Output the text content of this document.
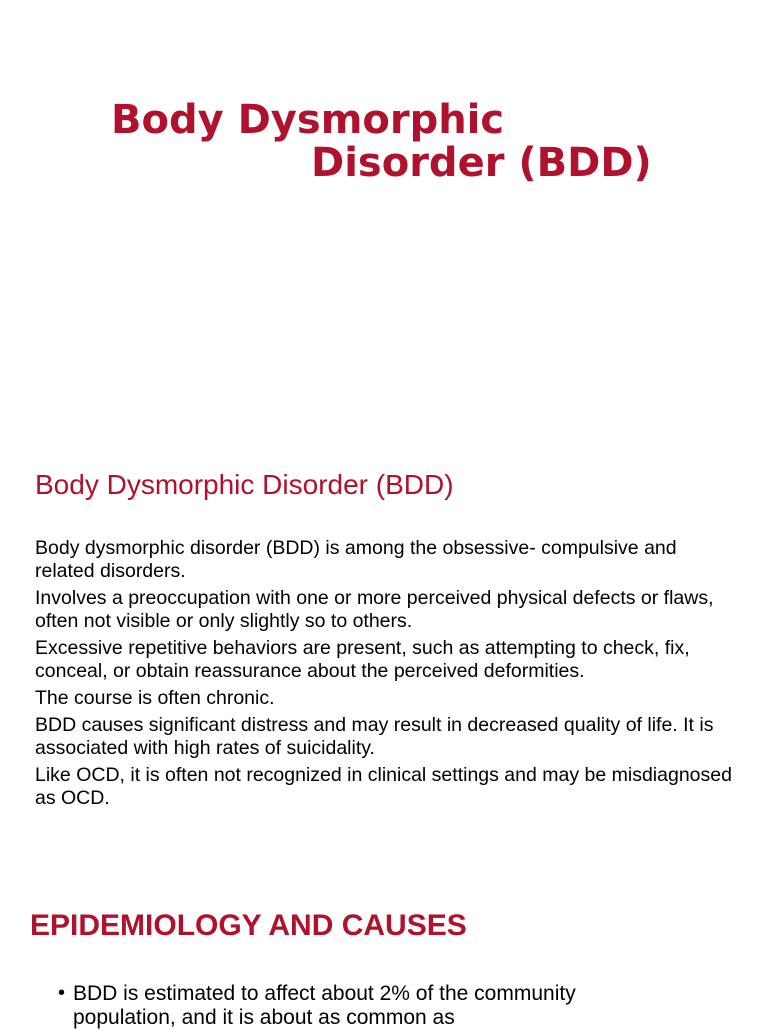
Body Dysmorphic
Disorder (BDD)
Body Dysmorphic Disorder (BDD)

Body dysmorphic disorder (BDD) is among the obsessive- compulsive and related disorders.

Involves a preoccupation with one or more perceived physical defects or flaws, often not visible or only slightly so to others.

Excessive repetitive behaviors are present, such as attempting to check, fix, conceal, or obtain reassurance about the perceived deformities.

The course is often chronic.

BDD causes significant distress and may result in decreased quality of life. It is associated with high rates of suicidality.

Like OCD, it is often not recognized in clinical settings and may be misdiagnosed as OCD.

EPIDEMIOLOGY AND CAUSES
• BDD is estimated to affect about 2% of the community population, and it is about as common as
